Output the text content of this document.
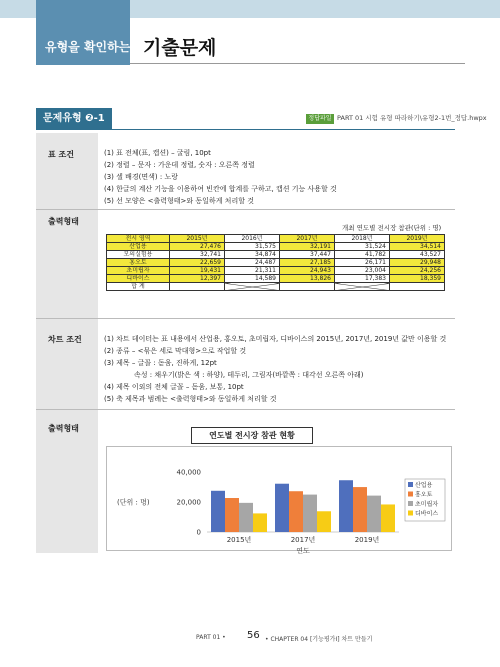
유형을 확인하는 기출문제
문제유형 ❷-1	정답파일 PART 01 시험 유형 따라하기\유형2-1번_정답.hwpx
표 조건	(1) 표 전체(표, 캡션) – 굴림, 10pt
(2) 정렬 – 문자 : 가운데 정렬, 숫자 : 오른쪽 정렬
(3) 셀 배경(면색) : 노랑
(4) 한글의 계산 기능을 이용하여 빈칸에 합계를 구하고, 캡션 기능 사용할 것
(5) 선 모양은 <출력형태>와 동일하게 처리할 것
출력형태
개최 연도별 전시장 참관(단위 : 명)
전시 영역	2015년	2016년	2017년	2018년	2019년
산업용	27,476	31,575	32,191	31,524	34,514
모의실험용	32,741	34,874	37,447	41,782	43,527
홍오토	22,659	24,487	27,185	26,171	29,948
초미립자	19,431	21,311	24,943	23,004	24,256
디바이스	12,397	14,589	13,826	17,383	18,359
합 계					
차트 조건	(1) 차트 데이터는 표 내용에서 산업용, 홍오토, 초미립자, 디바이스의 2015년, 2017년, 2019년 값만 이용할 것
(2) 종류 – <묶은 세로 막대형>으로 작업할 것
(3) 제목 – 글꼴 : 돋움, 진하게, 12pt
속성 : 채우기(밝은 색 : 하양), 테두리, 그림자(바깥쪽 : 대각선 오른쪽 아래)
(4) 제목 이외의 전체 글꼴 – 돋움, 보통, 10pt
(5) 축 제목과 범례는 <출력형태>와 동일하게 처리할 것
출력형태
40,000
20,000
0
(단위 : 명)
2015년	2017년	2019년
연도
산업용
홍오토
초미립자
디바이스
연도별 전시장 참관 현황
PART 01 • 56 • CHAPTER 04 [기능평가Ⅰ] 차트 만들기
